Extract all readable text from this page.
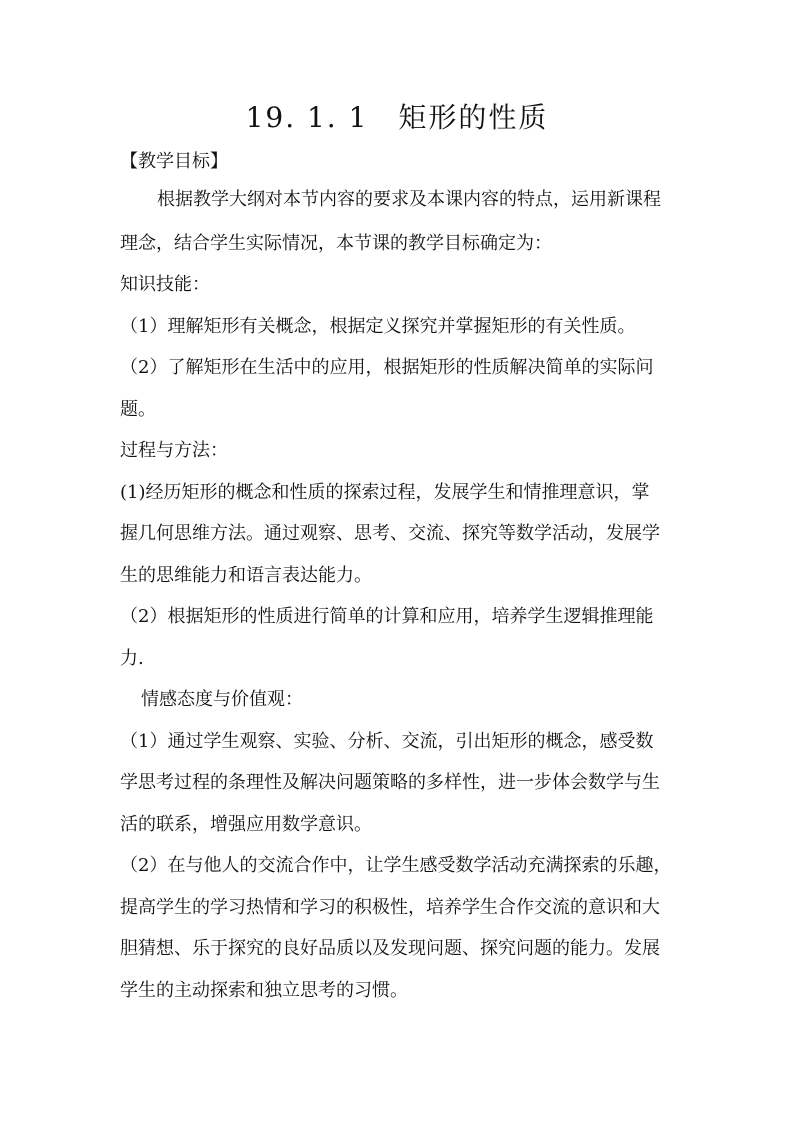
19. 1. 1　矩形的性质
【教学目标】
根据教学大纲对本节内容的要求及本课内容的特点，运用新课程
理念，结合学生实际情况，本节课的教学目标确定为：
知识技能：
（1）理解矩形有关概念，根据定义探究并掌握矩形的有关性质。
（2）了解矩形在生活中的应用，根据矩形的性质解决简单的实际问
题。
过程与方法：
(1)经历矩形的概念和性质的探索过程，发展学生和情推理意识，掌
握几何思维方法。通过观察、思考、交流、探究等数学活动，发展学
生的思维能力和语言表达能力。
（2）根据矩形的性质进行简单的计算和应用，培养学生逻辑推理能
力.
情感态度与价值观：
（1）通过学生观察、实验、分析、交流，引出矩形的概念，感受数
学思考过程的条理性及解决问题策略的多样性，进一步体会数学与生
活的联系，增强应用数学意识。
（2）在与他人的交流合作中，让学生感受数学活动充满探索的乐趣，
提高学生的学习热情和学习的积极性，培养学生合作交流的意识和大
胆猜想、乐于探究的良好品质以及发现问题、探究问题的能力。发展
学生的主动探索和独立思考的习惯。
